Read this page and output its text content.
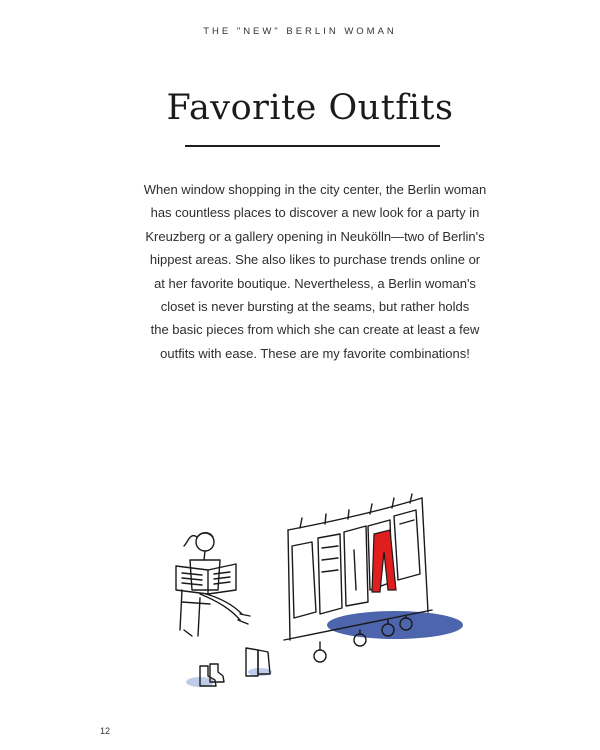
THE "NEW" BERLIN WOMAN
Favorite Outfits
When window shopping in the city center, the Berlin woman
has countless places to discover a new look for a party in
Kreuzberg or a gallery opening in Neukölln—two of Berlin's
hippest areas. She also likes to purchase trends online or
at her favorite boutique. Nevertheless, a Berlin woman's
closet is never bursting at the seams, but rather holds
the basic pieces from which she can create at least a few
outfits with ease. These are my favorite combinations!
12
